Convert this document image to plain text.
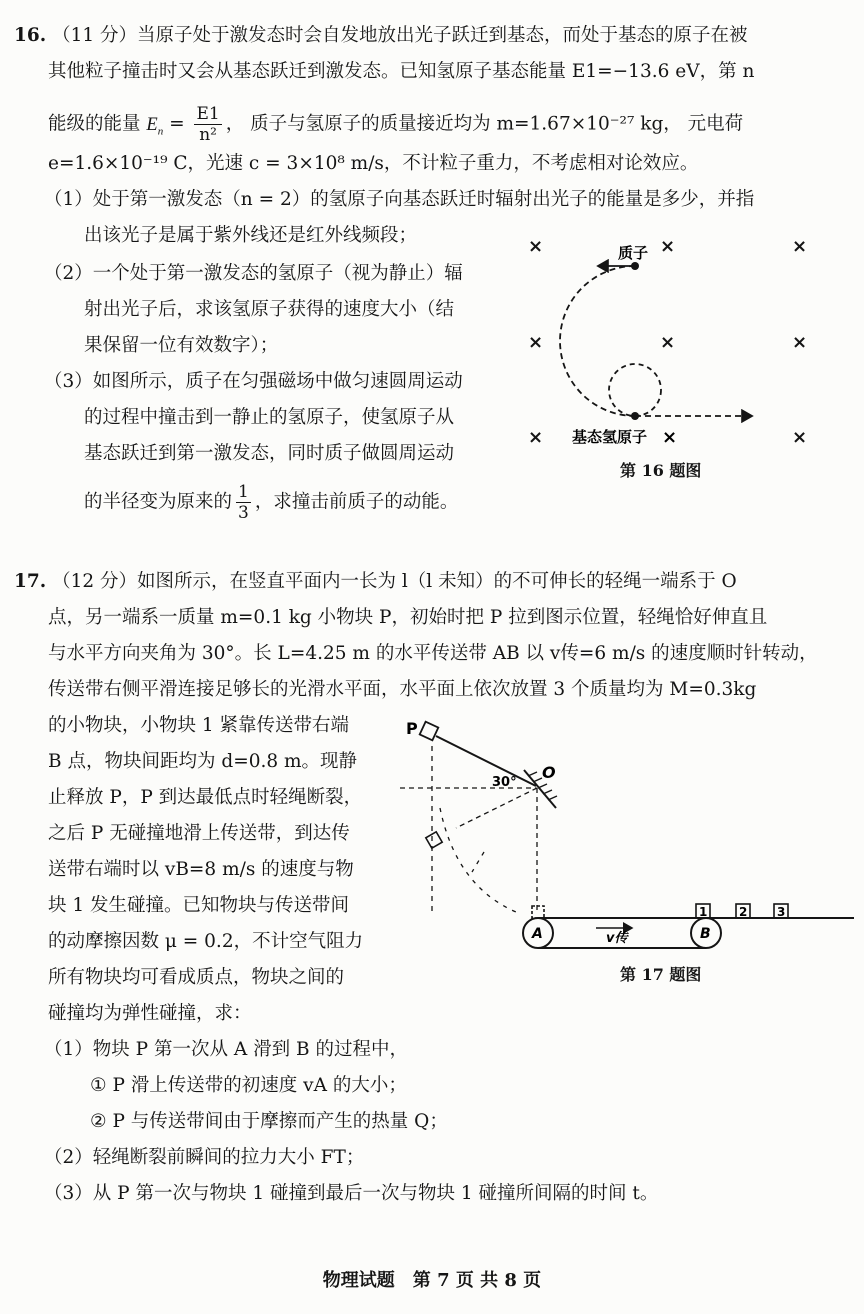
16. （11 分）当原子处于激发态时会自发地放出光子跃迁到基态，而处于基态的原子在被
其他粒子撞击时又会从基态跃迁到激发态。已知氢原子基态能量 E1=−13.6 eV，第 n
能级的能量 $E_n = \frac{E1}{\text{n²}}$ ， 质子与氢原子的质量接近均为 m=1.67×10⁻²⁷ kg， 元电荷
e=1.6×10⁻¹⁹ C，光速 c = 3×10⁸ m/s，不计粒子重力，不考虑相对论效应。
（1）处于第一激发态（n = 2）的氢原子向基态跃迁时辐射出光子的能量是多少，并指
出该光子是属于紫外线还是红外线频段；
（2）一个处于第一激发态的氢原子（视为静止）辐
射出光子后，求该氢原子获得的速度大小（结
果保留一位有效数字）；
（3）如图所示，质子在匀强磁场中做匀速圆周运动
的过程中撞击到一静止的氢原子，使氢原子从
基态跃迁到第一激发态，同时质子做圆周运动
的半径变为原来的 $\frac{1}{3}$ ，求撞击前质子的动能。
×	×	×
×	×	×
×	×
质子
基态氢原子 ×
第 16 题图
17. （12 分）如图所示，在竖直平面内一长为 l（l 未知）的不可伸长的轻绳一端系于 O
点，另一端系一质量 m=0.1 kg 小物块 P，初始时把 P 拉到图示位置，轻绳恰好伸直且
与水平方向夹角为 30°。长 L=4.25 m 的水平传送带 AB 以 v传=6 m/s 的速度顺时针转动，
传送带右侧平滑连接足够长的光滑水平面，水平面上依次放置 3 个质量均为 M=0.3kg
的小物块，小物块 1 紧靠传送带右端
B 点，物块间距均为 d=0.8 m。现静
止释放 P，P 到达最低点时轻绳断裂，
之后 P 无碰撞地滑上传送带，到达传
送带右端时以 vB=8 m/s 的速度与物
块 1 发生碰撞。已知物块与传送带间
的动摩擦因数 μ = 0.2，不计空气阻力
所有物块均可看成质点，物块之间的
碰撞均为弹性碰撞，求：
（1）物块 P 第一次从 A 滑到 B 的过程中，
① P 滑上传送带的初速度 vA 的大小；
② P 与传送带间由于摩擦而产生的热量 Q；
（2）轻绳断裂前瞬间的拉力大小 FT；
（3）从 P 第一次与物块 1 碰撞到最后一次与物块 1 碰撞所间隔的时间 t。
P
O
30°
A	B
v传
1	2 3
第 17 题图
物理试题　第 7 页 共 8 页
